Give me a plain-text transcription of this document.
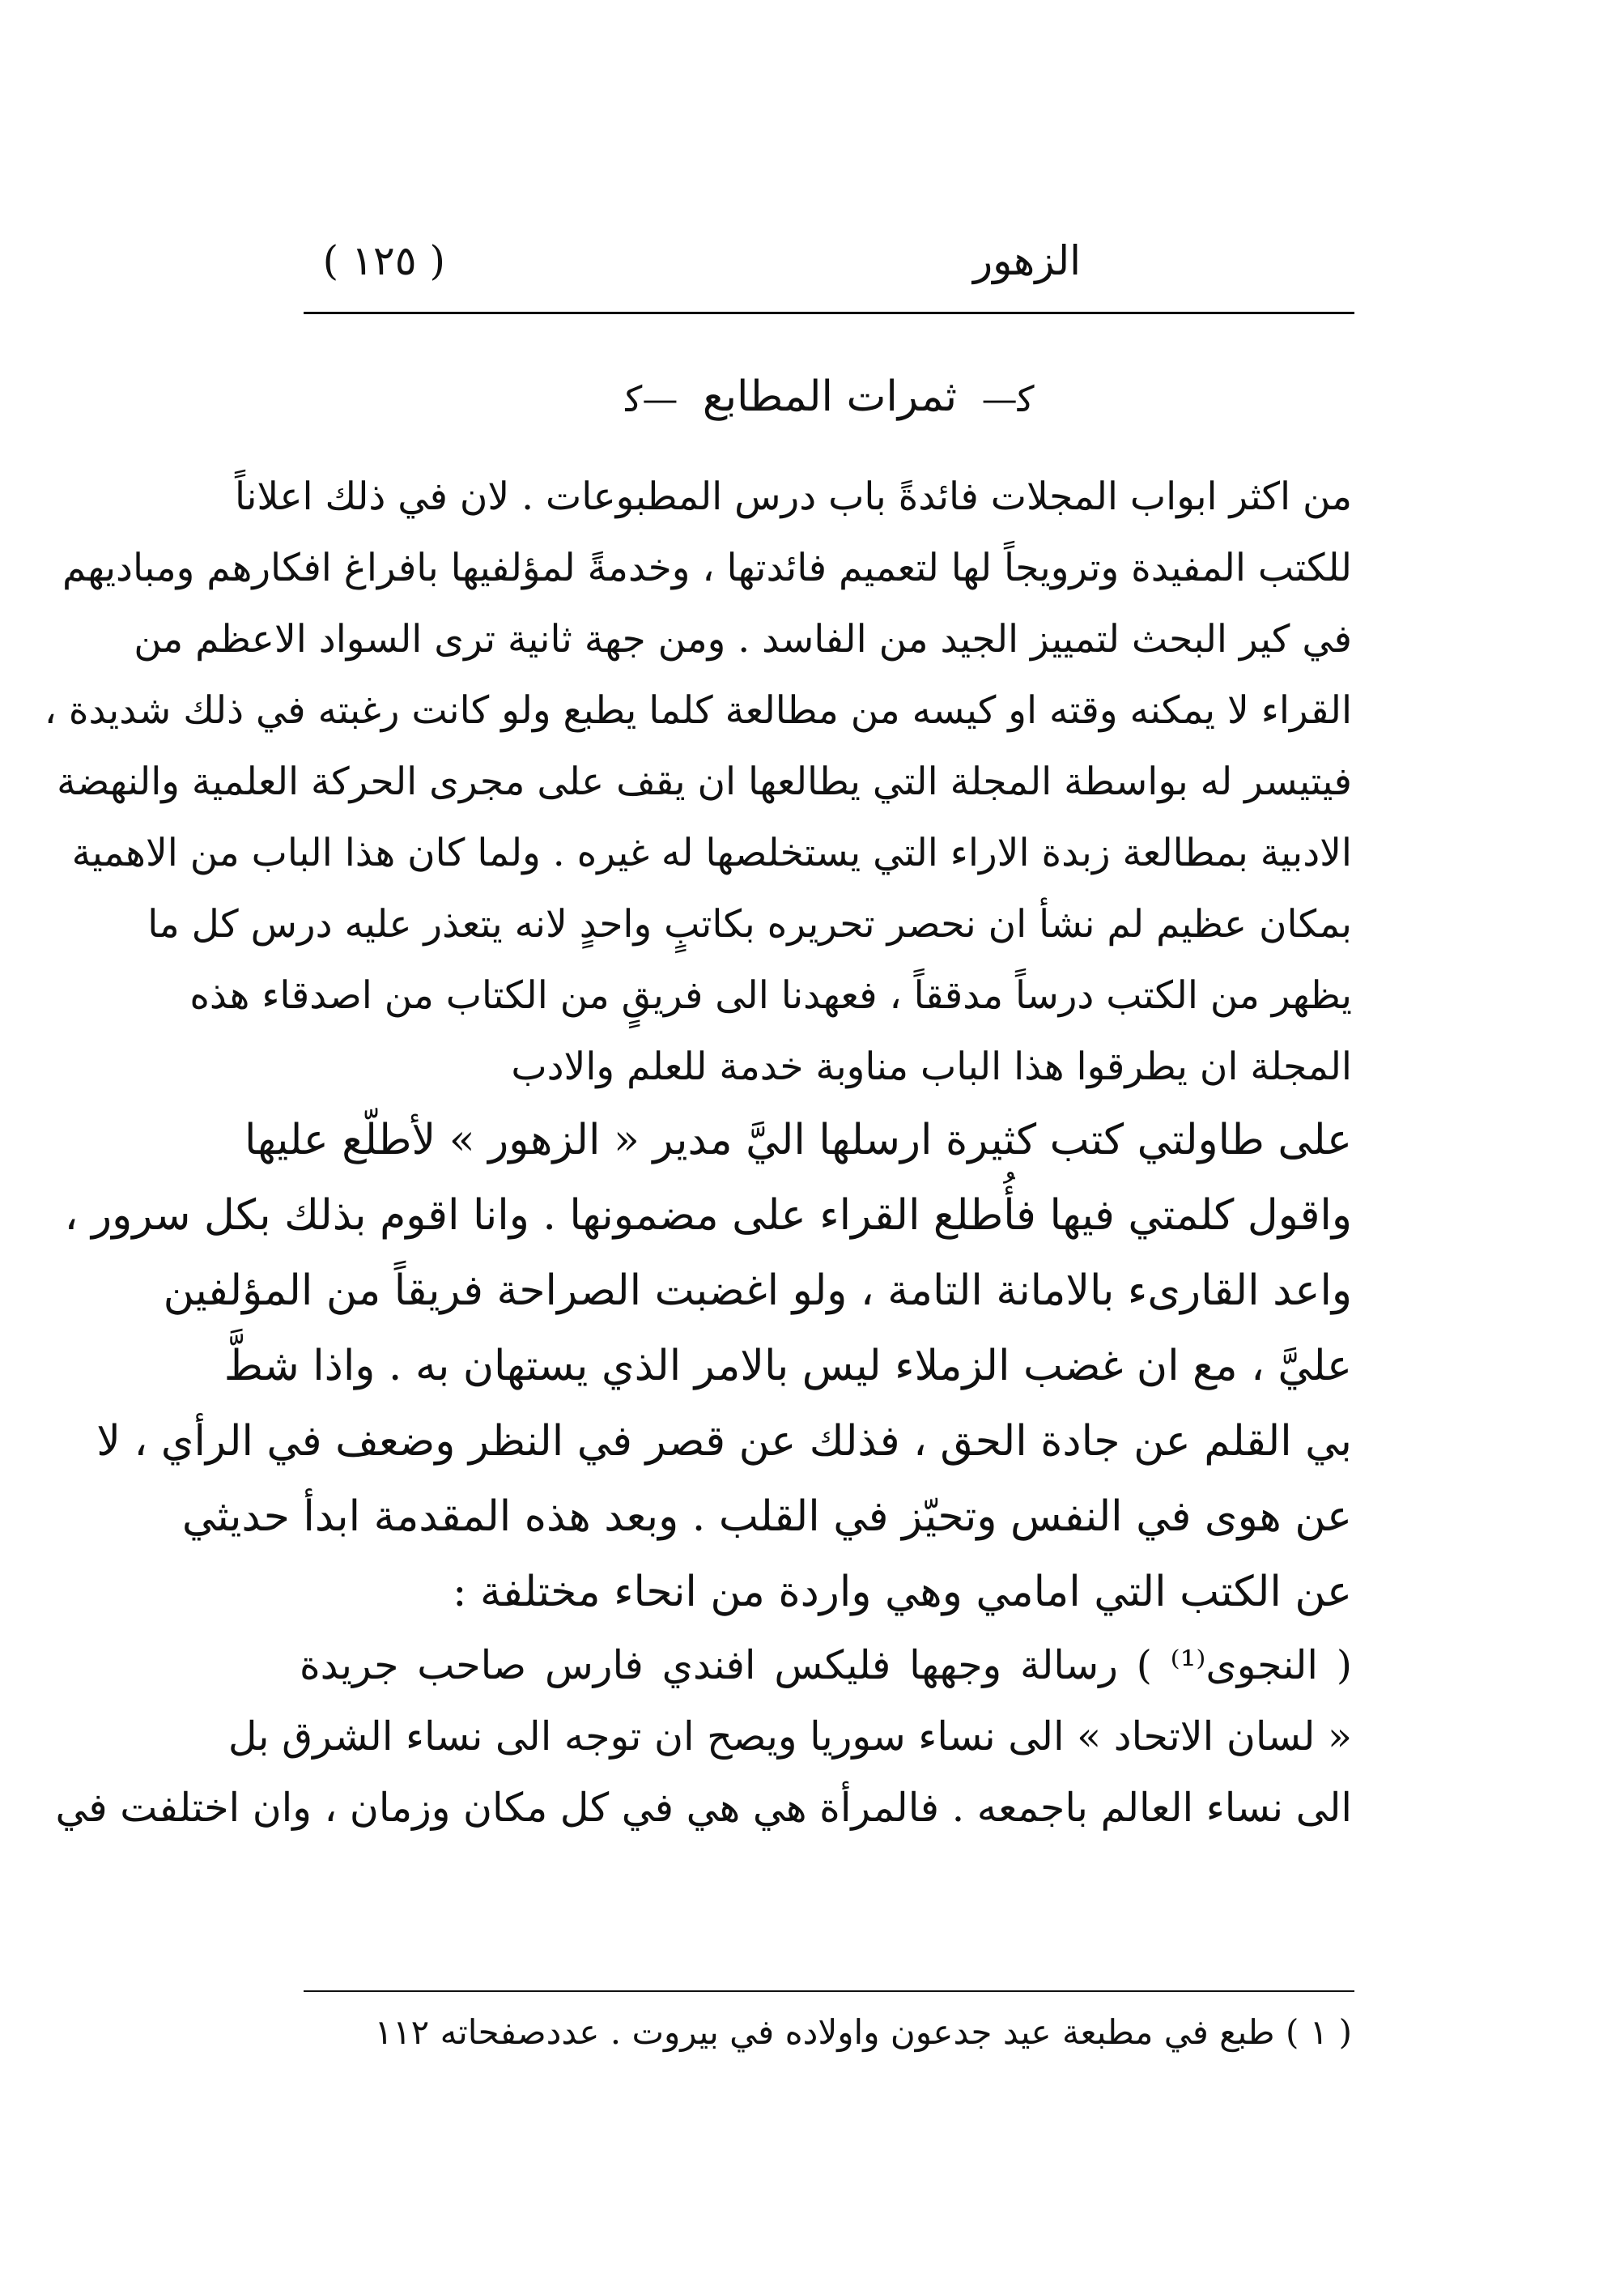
الزهور
( ١٢٥ )
ﮐ— ثمرات المطابع —ﮐ
من اكثر ابواب المجلات فائدةً باب درس المطبوعات . لان في ذلك اعلاناً
للكتب المفيدة وترويجاً لها لتعميم فائدتها ، وخدمةً لمؤلفيها بافراغ افكارهم ومباديهم
في كير البحث لتمييز الجيد من الفاسد . ومن جهة ثانية ترى السواد الاعظم من
القراء لا يمكنه وقته او كيسه من مطالعة كلما يطبع ولو كانت رغبته في ذلك شديدة ،
فيتيسر له بواسطة المجلة التي يطالعها ان يقف على مجرى الحركة العلمية والنهضة
الادبية بمطالعة زبدة الاراء التي يستخلصها له غيره . ولما كان هذا الباب من الاهمية
بمكان عظيم لم نشأ ان نحصر تحريره بكاتبٍ واحدٍ لانه يتعذر عليه درس كل ما
يظهر من الكتب درساً مدققاً ، فعهدنا الى فريقٍ من الكتاب من اصدقاء هذه
المجلة ان يطرقوا هذا الباب مناوبة خدمة للعلم والادب
على طاولتي كتب كثيرة ارسلها اليَّ مدير « الزهور » لأطلّع عليها
واقول كلمتي فيها فأُطلع القراء على مضمونها . وانا اقوم بذلك بكل سرور ،
واعد القارىء بالامانة التامة ، ولو اغضبت الصراحة فريقاً من المؤلفين
عليَّ ، مع ان غضب الزملاء ليس بالامر الذي يستهان به . واذا شطَّ
بي القلم عن جادة الحق ، فذلك عن قصر في النظر وضعف في الرأي ، لا
عن هوى في النفس وتحيّز في القلب . وبعد هذه المقدمة ابدأ حديثي
عن الكتب التي امامي وهي واردة من انحاء مختلفة :
( النجوى⁽¹⁾ ) رسالة وجهها فليكس افندي فارس صاحب جريدة
« لسان الاتحاد » الى نساء سوريا ويصح ان توجه الى نساء الشرق بل
الى نساء العالم باجمعه . فالمرأة هي هي في كل مكان وزمان ، وان اختلفت في
( ١ ) طبع في مطبعة عيد جدعون واولاده في بيروت . عددصفحاته ١١٢
